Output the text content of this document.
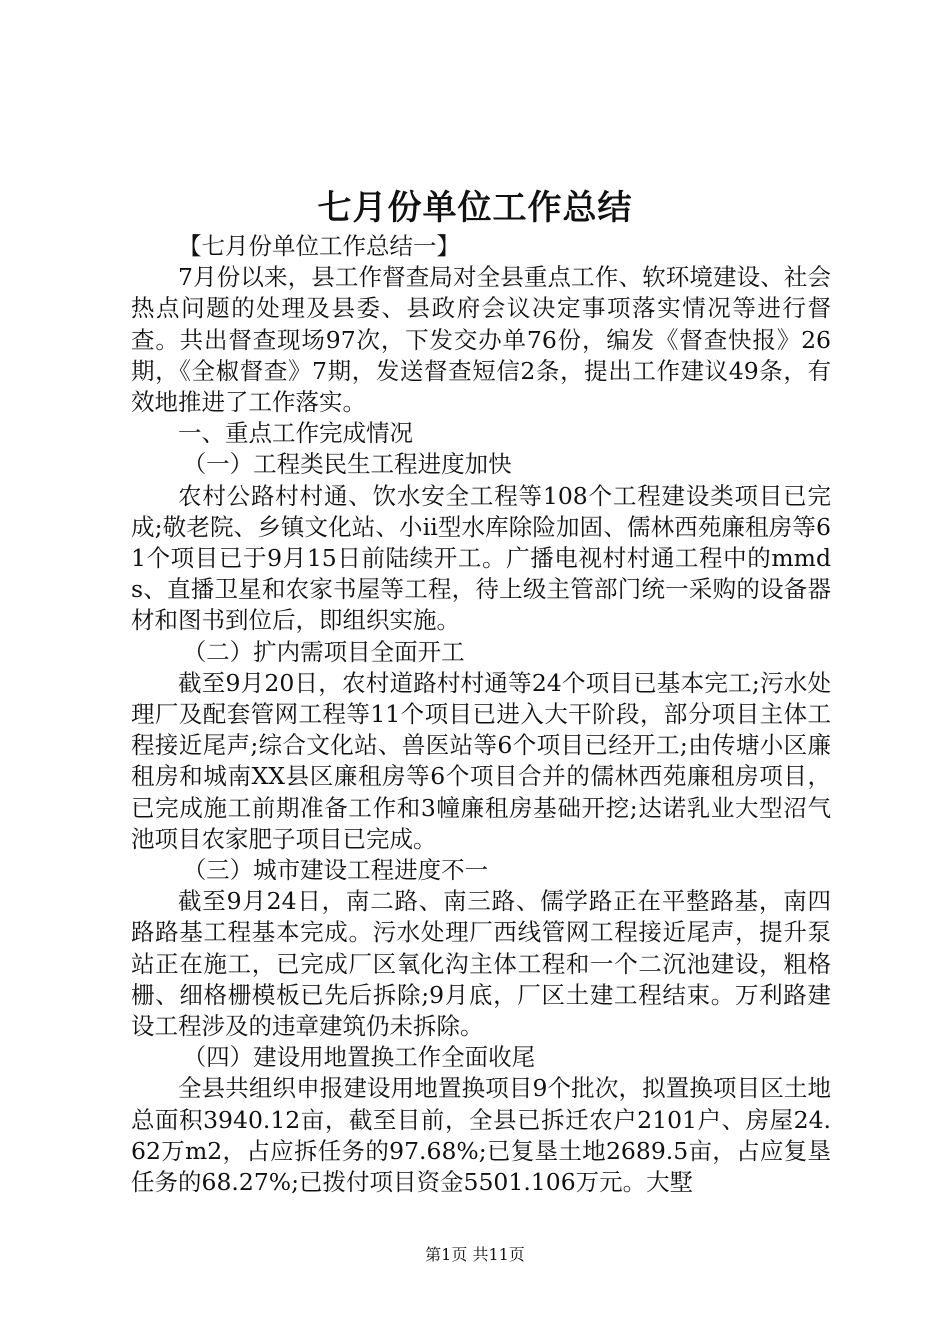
七月份单位工作总结

【七月份单位工作总结一】

7月份以来，县工作督查局对全县重点工作、软环境建设、社会热点问题的处理及县委、县政府会议决定事项落实情况等进行督查。共出督查现场97次，下发交办单76份，编发《督查快报》26期，《全椒督查》7期，发送督查短信2条，提出工作建议49条，有效地推进了工作落实。

一、重点工作完成情况

（一）工程类民生工程进度加快

农村公路村村通、饮水安全工程等108个工程建设类项目已完成;敬老院、乡镇文化站、小ii型水库除险加固、儒林西苑廉租房等61个项目已于9月15日前陆续开工。广播电视村村通工程中的mmds、直播卫星和农家书屋等工程，待上级主管部门统一采购的设备器材和图书到位后，即组织实施。

（二）扩内需项目全面开工

截至9月20日，农村道路村村通等24个项目已基本完工;污水处理厂及配套管网工程等11个项目已进入大干阶段，部分项目主体工程接近尾声;综合文化站、兽医站等6个项目已经开工;由传塘小区廉租房和城南XX县区廉租房等6个项目合并的儒林西苑廉租房项目，已完成施工前期准备工作和3幢廉租房基础开挖;达诺乳业大型沼气池项目农家肥子项目已完成。

（三）城市建设工程进度不一

截至9月24日，南二路、南三路、儒学路正在平整路基，南四路路基工程基本完成。污水处理厂西线管网工程接近尾声，提升泵站正在施工，已完成厂区氧化沟主体工程和一个二沉池建设，粗格栅、细格栅模板已先后拆除;9月底，厂区土建工程结束。万利路建设工程涉及的违章建筑仍未拆除。

（四）建设用地置换工作全面收尾

全县共组织申报建设用地置换项目9个批次，拟置换项目区土地总面积3940.12亩，截至目前，全县已拆迁农户2101户、房屋24.62万m2，占应拆任务的97.68%;已复垦土地2689.5亩，占应复垦任务的68.27%;已拨付项目资金5501.106万元。大墅

第1页 共11页
